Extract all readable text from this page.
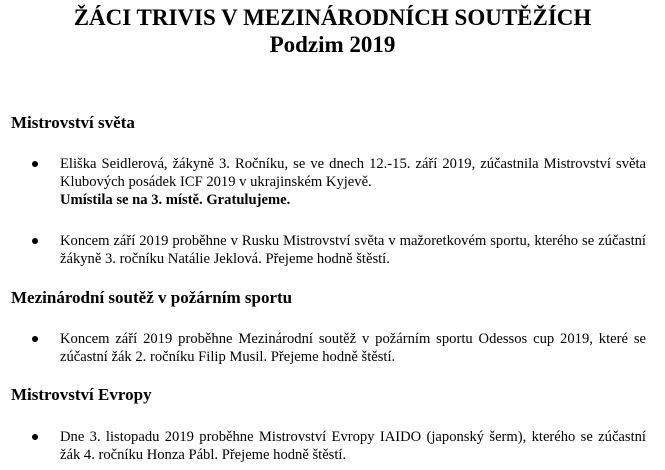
ŽÁCI TRIVIS V MEZINÁRODNÍCH SOUTĚŽÍCH
Podzim 2019
Mistrovství světa

Eliška Seidlerová, žákyně 3. Ročníku, se ve dnech 12.-15. září 2019, zúčastnila Mistrovství světa Klubových posádek ICF 2019 v ukrajinském Kyjevě.
Umístila se na 3. místě. Gratulujeme.

Koncem září 2019 proběhne v Rusku Mistrovství světa v mažoretkovém sportu, kterého se zúčastní žákyně 3. ročníku Natálie Jeklová. Přejeme hodně štěstí.

Mezinárodní soutěž v požárním sportu

Koncem září 2019 proběhne Mezinárodní soutěž v požárním sportu Odessos cup 2019, které se zúčastní žák 2. ročníku Filip Musil. Přejeme hodně štěstí.

Mistrovství Evropy

Dne 3. listopadu 2019 proběhne Mistrovství Evropy IAIDO (japonský šerm), kterého se zúčastní žák 4. ročníku Honza Pábl. Přejeme hodně štěstí.
